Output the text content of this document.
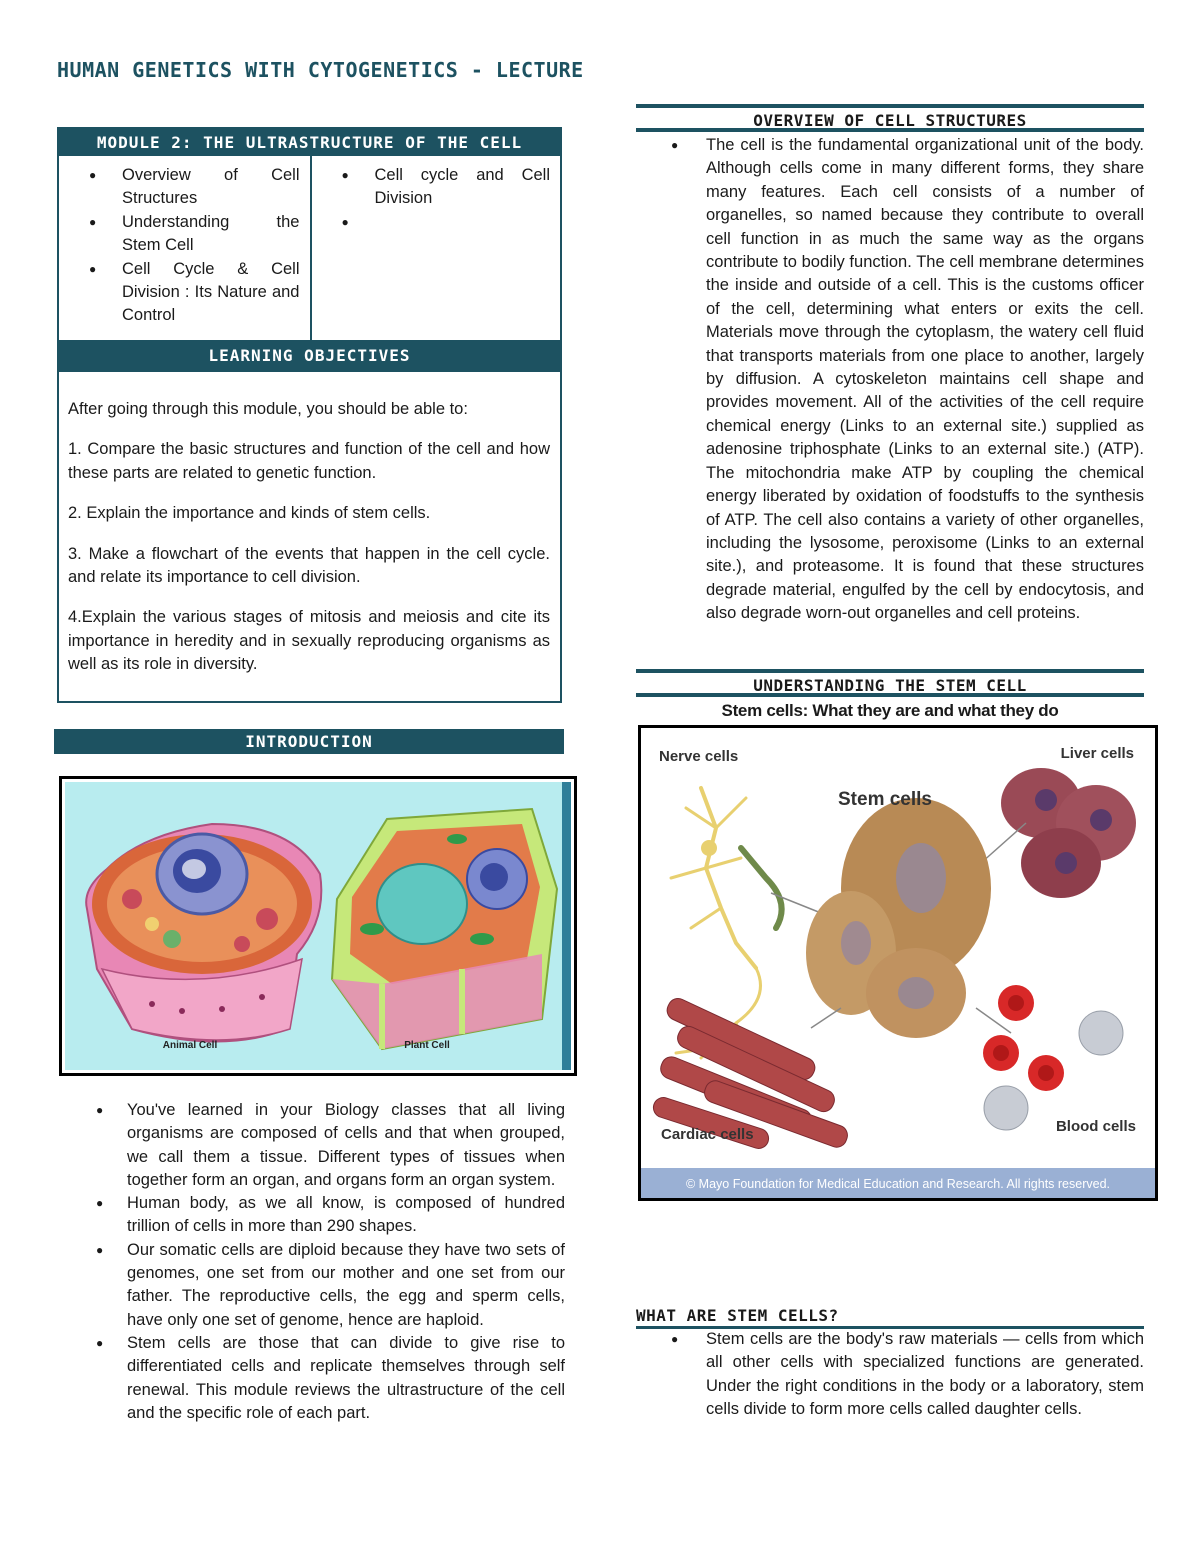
HUMAN GENETICS WITH CYTOGENETICS - LECTURE
MODULE 2: THE ULTRASTRUCTURE OF THE CELL
● Overview of Cell Structures
● Understanding the Stem Cell
● Cell Cycle & Cell Division : Its Nature and Control
● Cell cycle and Cell Division
●
LEARNING OBJECTIVES

After going through this module, you should be able to:

1. Compare the basic structures and function of the cell and how these parts are related to genetic function.

2. Explain the importance and kinds of stem cells.

3. Make a flowchart of the events that happen in the cell cycle. and relate its importance to cell division.

4.Explain the various stages of mitosis and meiosis and cite its importance in heredity and in sexually reproducing organisms as well as its role in diversity.

INTRODUCTION
Animal Cell	Plant Cell
● You've learned in your Biology classes that all living organisms are composed of cells and that when grouped, we call them a tissue. Different types of tissues when together form an organ, and organs form an organ system.
● Human body, as we all know, is composed of hundred trillion of cells in more than 290 shapes.
● Our somatic cells are diploid because they have two sets of genomes, one set from our mother and one set from our father. The reproductive cells, the egg and sperm cells, have only one set of genome, hence are haploid.
● Stem cells are those that can divide to give rise to differentiated cells and replicate themselves through self renewal. This module reviews the ultrastructure of the cell and the specific role of each part.
OVERVIEW OF CELL STRUCTURES
● The cell is the fundamental organizational unit of the body. Although cells come in many different forms, they share many features. Each cell consists of a number of organelles, so named because they contribute to overall cell function in as much the same way as the organs contribute to bodily function. The cell membrane determines the inside and outside of a cell. This is the customs officer of the cell, determining what enters or exits the cell. Materials move through the cytoplasm, the watery cell fluid that transports materials from one place to another, largely by diffusion. A cytoskeleton maintains cell shape and provides movement. All of the activities of the cell require chemical energy (Links to an external site.) supplied as adenosine triphosphate (Links to an external site.) (ATP). The mitochondria make ATP by coupling the chemical energy liberated by oxidation of foodstuffs to the synthesis of ATP. The cell also contains a variety of other organelles, including the lysosome, peroxisome (Links to an external site.), and proteasome. It is found that these structures degrade material, engulfed by the cell by endocytosis, and also degrade worn-out organelles and cell proteins.
UNDERSTANDING THE STEM CELL

Stem cells: What they are and what they do

Nerve cells	Liver cells
Stem cells
Cardiac cells	Blood cells
© Mayo Foundation for Medical Education and Research. All rights reserved.
WHAT ARE STEM CELLS?
● Stem cells are the body's raw materials — cells from which all other cells with specialized functions are generated. Under the right conditions in the body or a laboratory, stem cells divide to form more cells called daughter cells.
